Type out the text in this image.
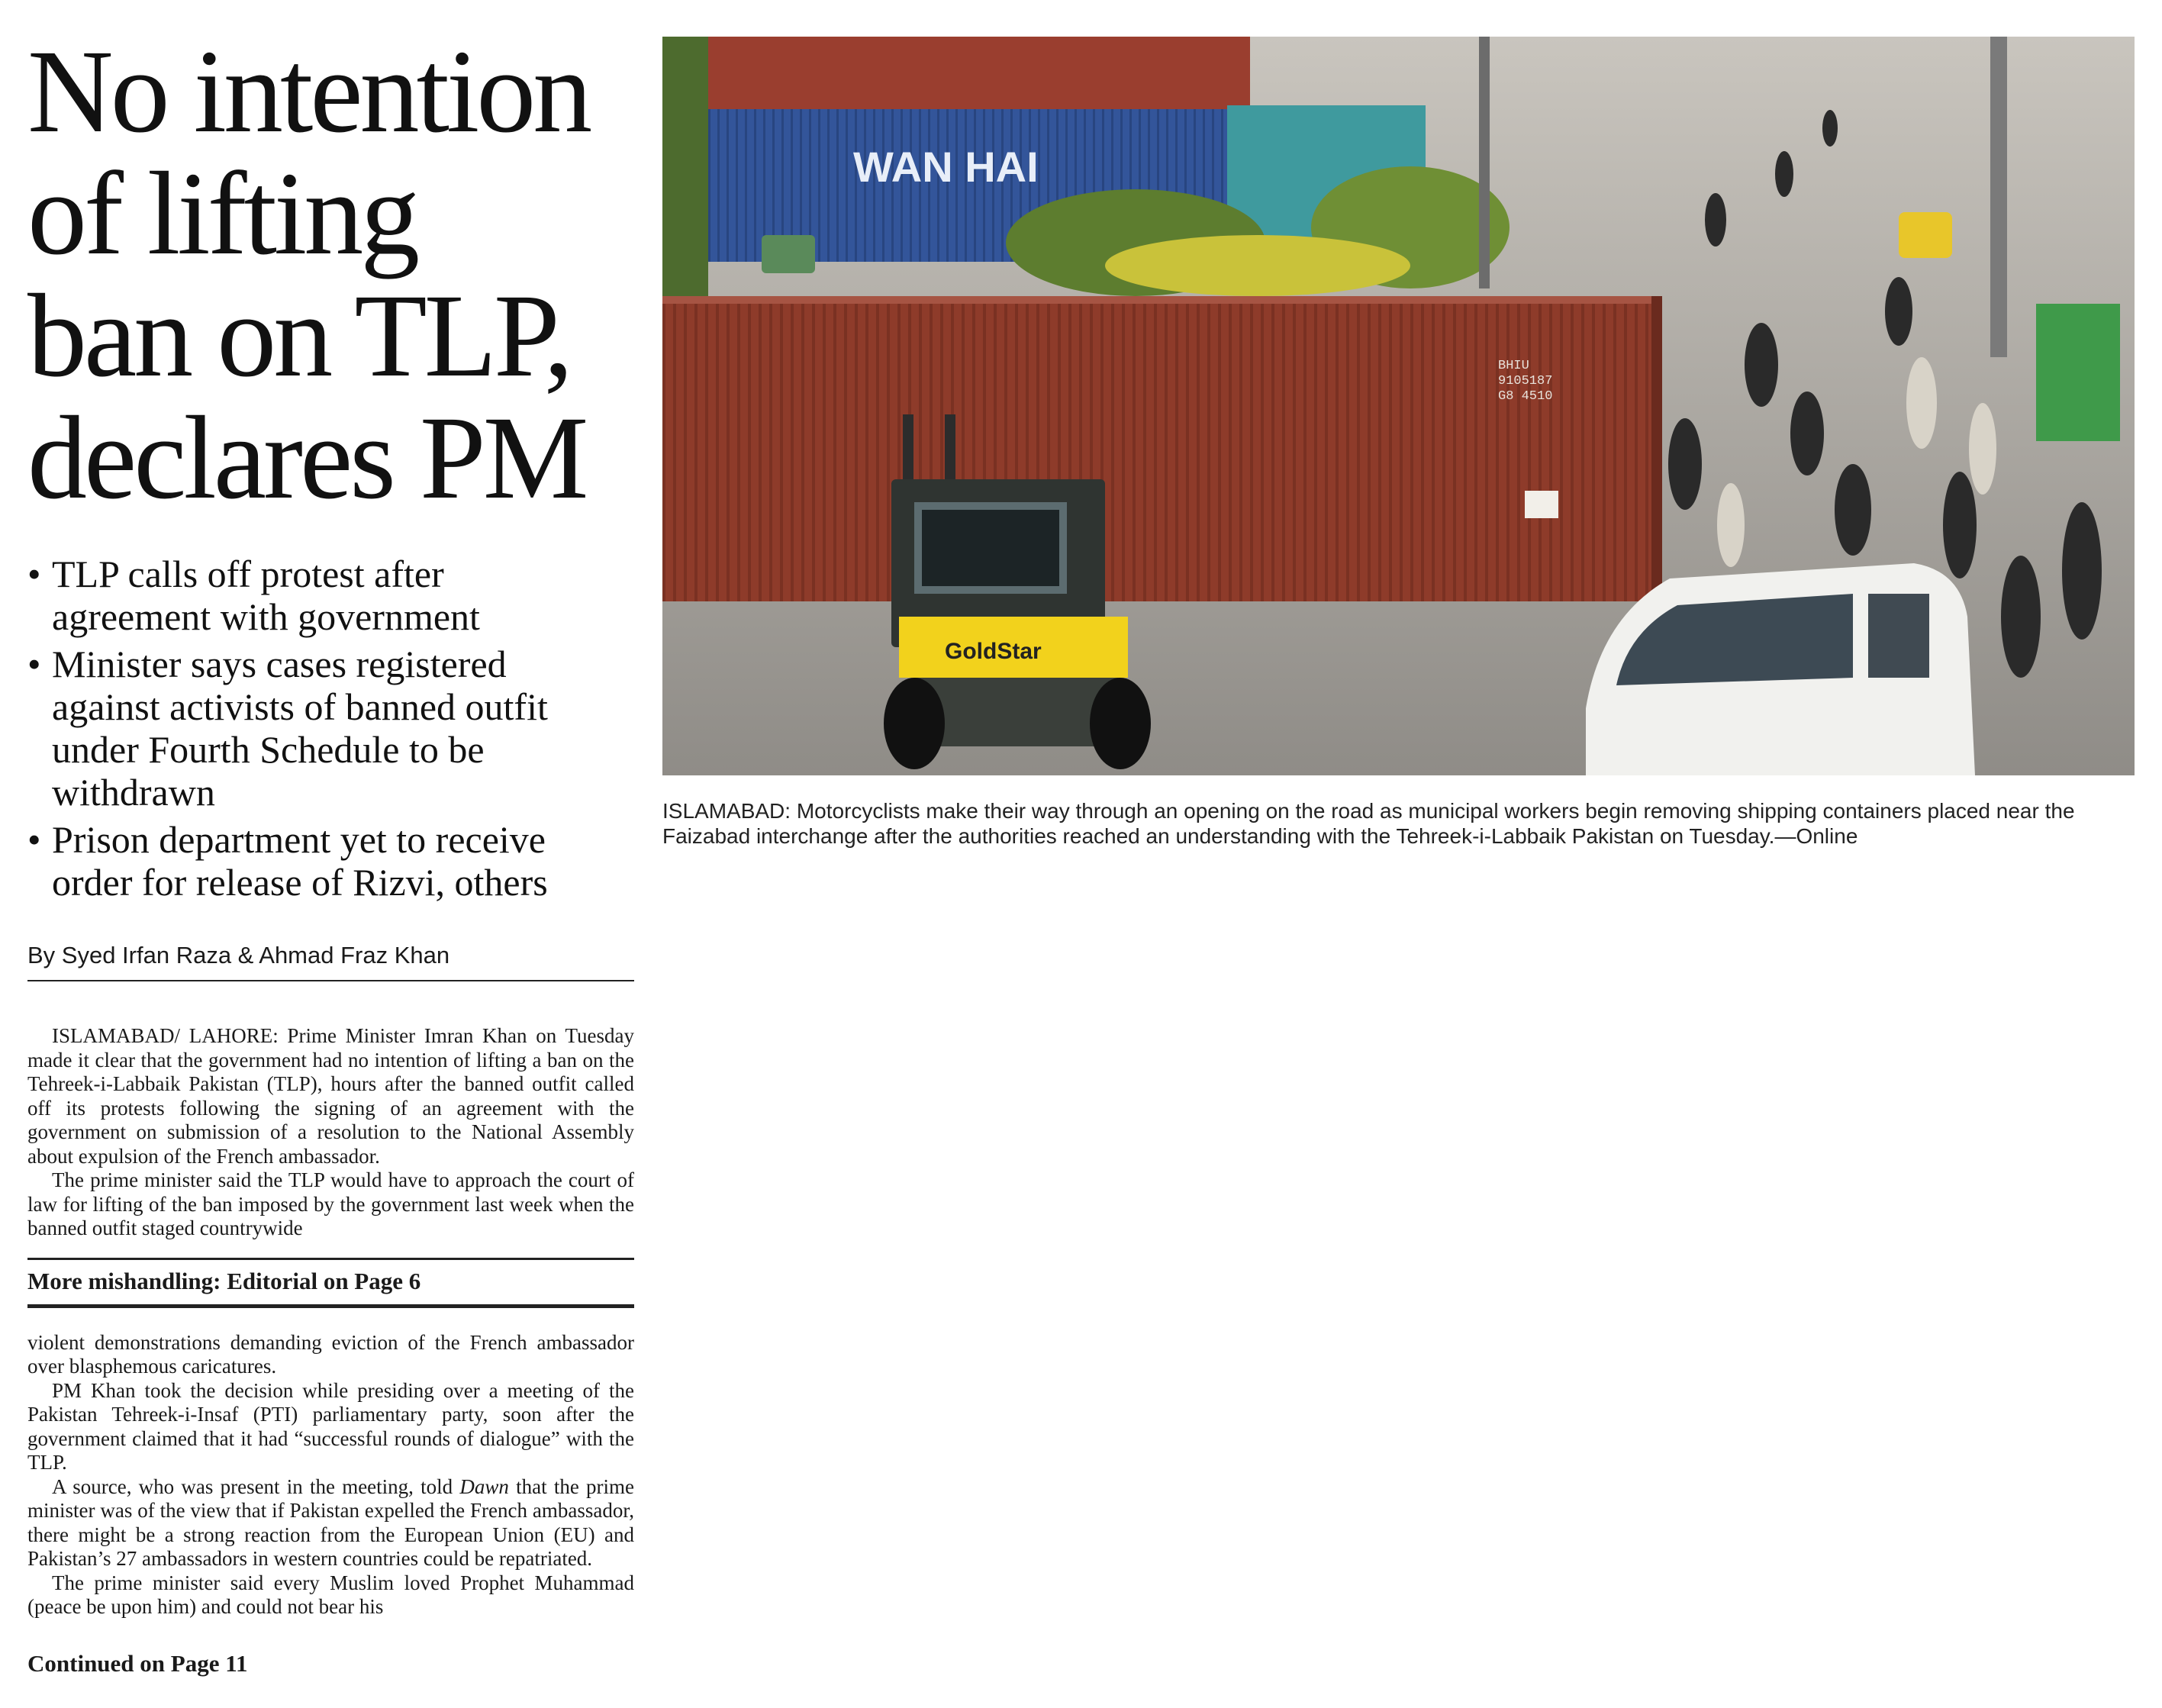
No intention
of lifting
ban on TLP,
declares PM
• TLP calls off protest after
agreement with government
• Minister says cases registered
against activists of banned outfit under Fourth Schedule to be withdrawn
• Prison department yet to receive
order for release of Rizvi, others
By Syed Irfan Raza & Ahmad Fraz Khan

ISLAMABAD/ LAHORE: Prime Minister Imran Khan on Tuesday made it clear that the government had no intention of lifting a ban on the Tehreek-i-Labbaik Pakistan (TLP), hours after the banned outfit called off its protests following the signing of an agreement with the government on submission of a resolution to the National Assembly about expulsion of the French ambassador.

The prime minister said the TLP would have to approach the court of law for lifting of the ban imposed by the government last week when the banned outfit staged countrywide

More mishandling: Editorial on Page 6

violent demonstrations demanding eviction of the French ambassador over blasphemous caricatures.

PM Khan took the decision while presiding over a meeting of the Pakistan Tehreek-i-Insaf (PTI) parliamentary party, soon after the government claimed that it had “successful rounds of dialogue” with the TLP.

A source, who was present in the meeting, told Dawn that the prime minister was of the view that if Pakistan expelled the French ambassador, there might be a strong reaction from the European Union (EU) and Pakistan’s 27 ambassadors in western countries could be repatriated.

The prime minister said every Muslim loved Prophet Muhammad (peace be upon him) and could not bear his

Continued on Page 11
WAN HAI
BHIU
9105187
G8 4510
GoldStar
ISLAMABAD: Motorcyclists make their way through an opening on the road as municipal workers begin removing shipping containers placed near the Faizabad interchange after the authorities reached an understanding with the Tehreek-i-Labbaik Pakistan on Tuesday.—Online
